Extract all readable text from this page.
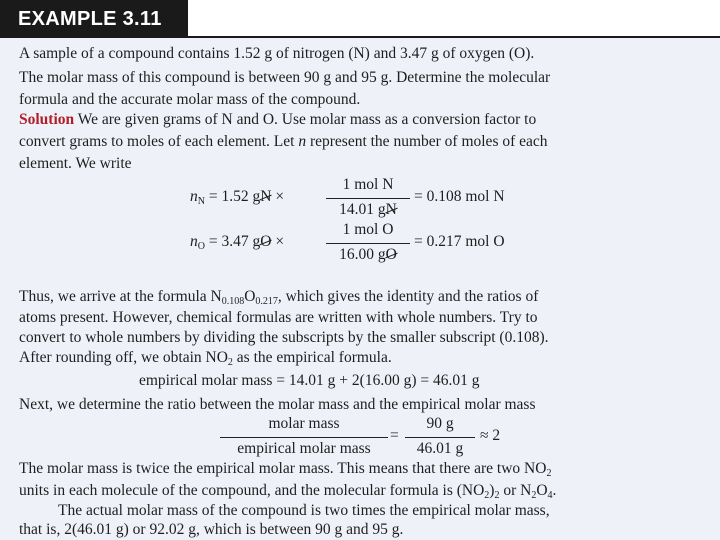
EXAMPLE 3.11
A sample of a compound contains 1.52 g of nitrogen (N) and 3.47 g of oxygen (O).
The molar mass of this compound is between 90 g and 95 g. Determine the molecular
formula and the accurate molar mass of the compound.
Solution We are given grams of N and O. Use molar mass as a conversion factor to
convert grams to moles of each element. Let n represent the number of moles of each
element. We write
$n_N = 1.52$ gN ×
1 mol N
14.01 gN
= 0.108 mol N
$n_O = 3.47$ gO ×
1 mol O
16.00 gO
= 0.217 mol O
Thus, we arrive at the formula $N_{0.108}O_{0.217}$, which gives the identity and the ratios of
atoms present. However, chemical formulas are written with whole numbers. Try to
convert to whole numbers by dividing the subscripts by the smaller subscript (0.108).
After rounding off, we obtain $NO_2$ as the empirical formula.
empirical molar mass = 14.01 g + 2(16.00 g) = 46.01 g
Next, we determine the ratio between the molar mass and the empirical molar mass
molar mass
empirical molar mass
=
90 g
46.01 g
≈ 2
The molar mass is twice the empirical molar mass. This means that there are two $NO_2$
units in each molecule of the compound, and the molecular formula is $(NO_2)_2$ or $N_2O_4$.
The actual molar mass of the compound is two times the empirical molar mass,
that is, 2(46.01 g) or 92.02 g, which is between 90 g and 95 g.
